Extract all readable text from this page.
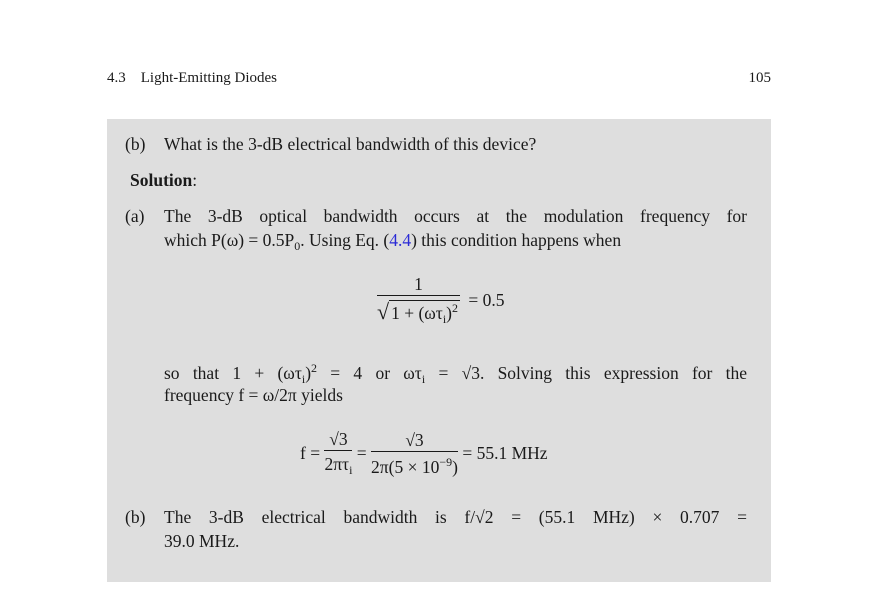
4.3 Light-Emitting Diodes	105
(b) What is the 3-dB electrical bandwidth of this device?
Solution:
(a) The 3-dB optical bandwidth occurs at the modulation frequency for
which $P(\omega) = 0.5P_0$. Using Eq. (4.4) this condition happens when
$\frac{1}{√ 1 + (\omega\tau_i)^2} = 0.5$
so that $1 + (\omega\tau_i)^2 = 4$ or $\omega\tau_i = √3$. Solving this expression for the
frequency f = ω/2π yields
$f = \frac{√3}{2\pi\tau_i} = \frac{√3}{2\pi(5 \times 10^{-9})} = 55.1$ MHz
(b) The 3-dB electrical bandwidth is f/√2 = (55.1 MHz) × 0.707 =
39.0 MHz.
